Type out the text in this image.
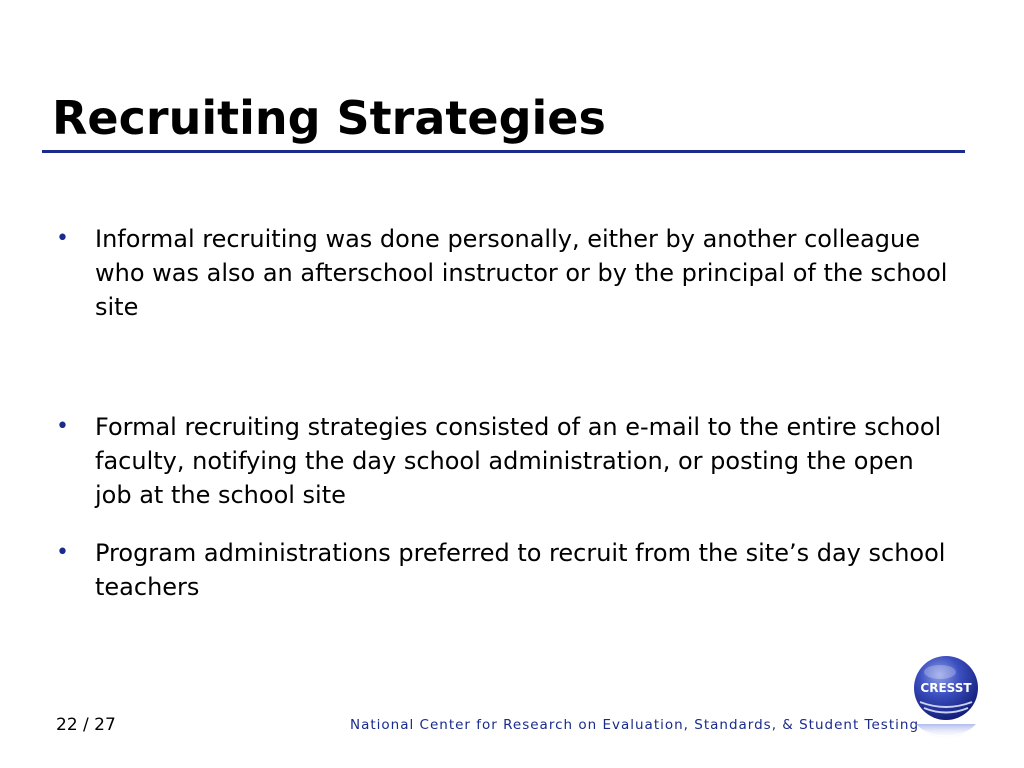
Recruiting Strategies
• Informal recruiting was done personally, either by another colleague who was also an afterschool instructor or by the principal of the school site
• Formal recruiting strategies consisted of an e-mail to the entire school faculty, notifying the day school administration, or posting the open job at the school site
• Program administrations preferred to recruit from the site’s day school teachers
22 / 27	National Center for Research on Evaluation, Standards, & Student Testing
CRESST
